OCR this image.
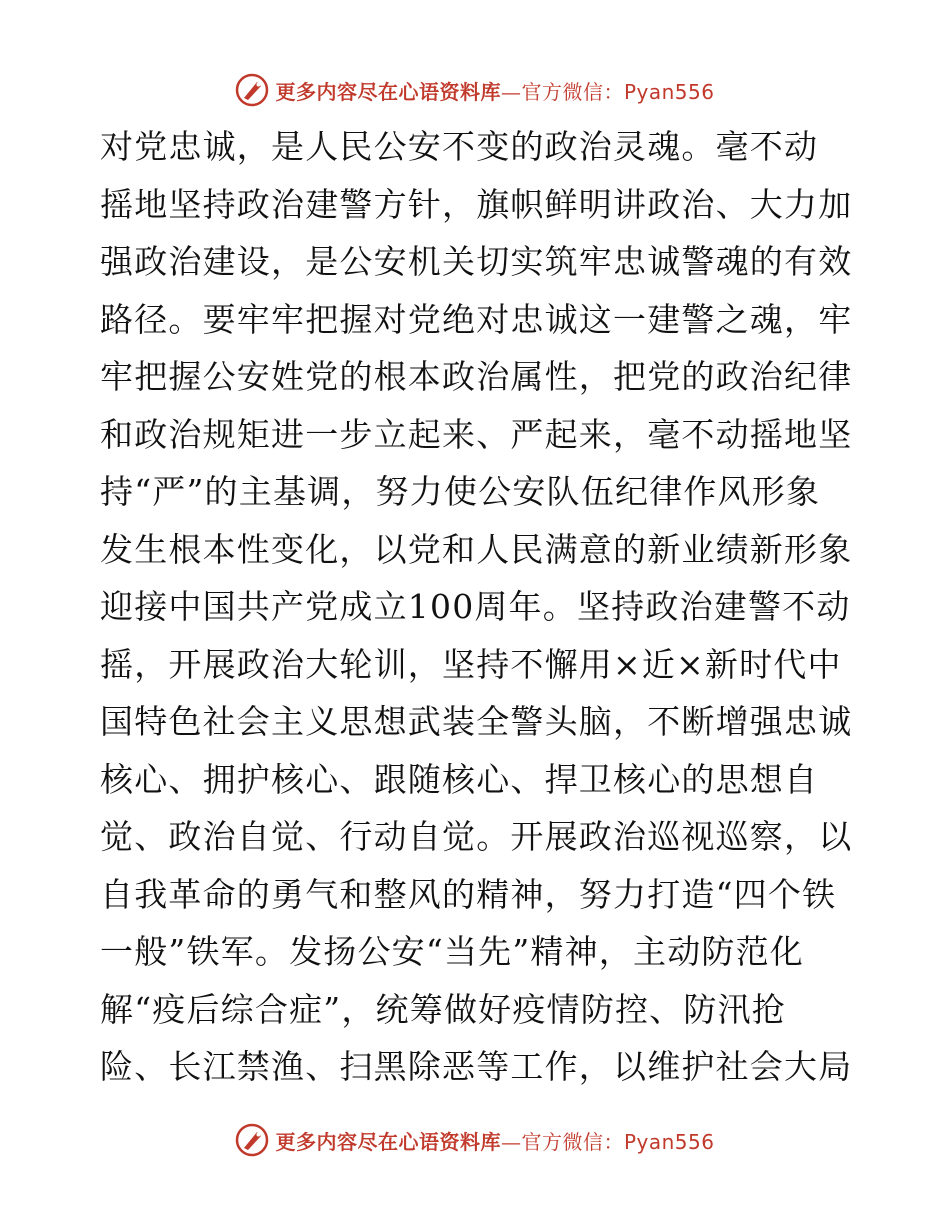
更多内容尽在心语资料库—官方微信：Pyan556
对党忠诚，是人民公安不变的政治灵魂。毫不动
摇地坚持政治建警方针，旗帜鲜明讲政治、大力加
强政治建设，是公安机关切实筑牢忠诚警魂的有效
路径。要牢牢把握对党绝对忠诚这一建警之魂，牢
牢把握公安姓党的根本政治属性，把党的政治纪律
和政治规矩进一步立起来、严起来，毫不动摇地坚
持“严”的主基调，努力使公安队伍纪律作风形象
发生根本性变化，以党和人民满意的新业绩新形象
迎接中国共产党成立100周年。坚持政治建警不动
摇，开展政治大轮训，坚持不懈用×近×新时代中
国特色社会主义思想武装全警头脑，不断增强忠诚
核心、拥护核心、跟随核心、捍卫核心的思想自
觉、政治自觉、行动自觉。开展政治巡视巡察，以
自我革命的勇气和整风的精神，努力打造“四个铁
一般”铁军。发扬公安“当先”精神，主动防范化
解“疫后综合症”，统筹做好疫情防控、防汛抢
险、长江禁渔、扫黑除恶等工作，以维护社会大局
更多内容尽在心语资料库—官方微信：Pyan556
